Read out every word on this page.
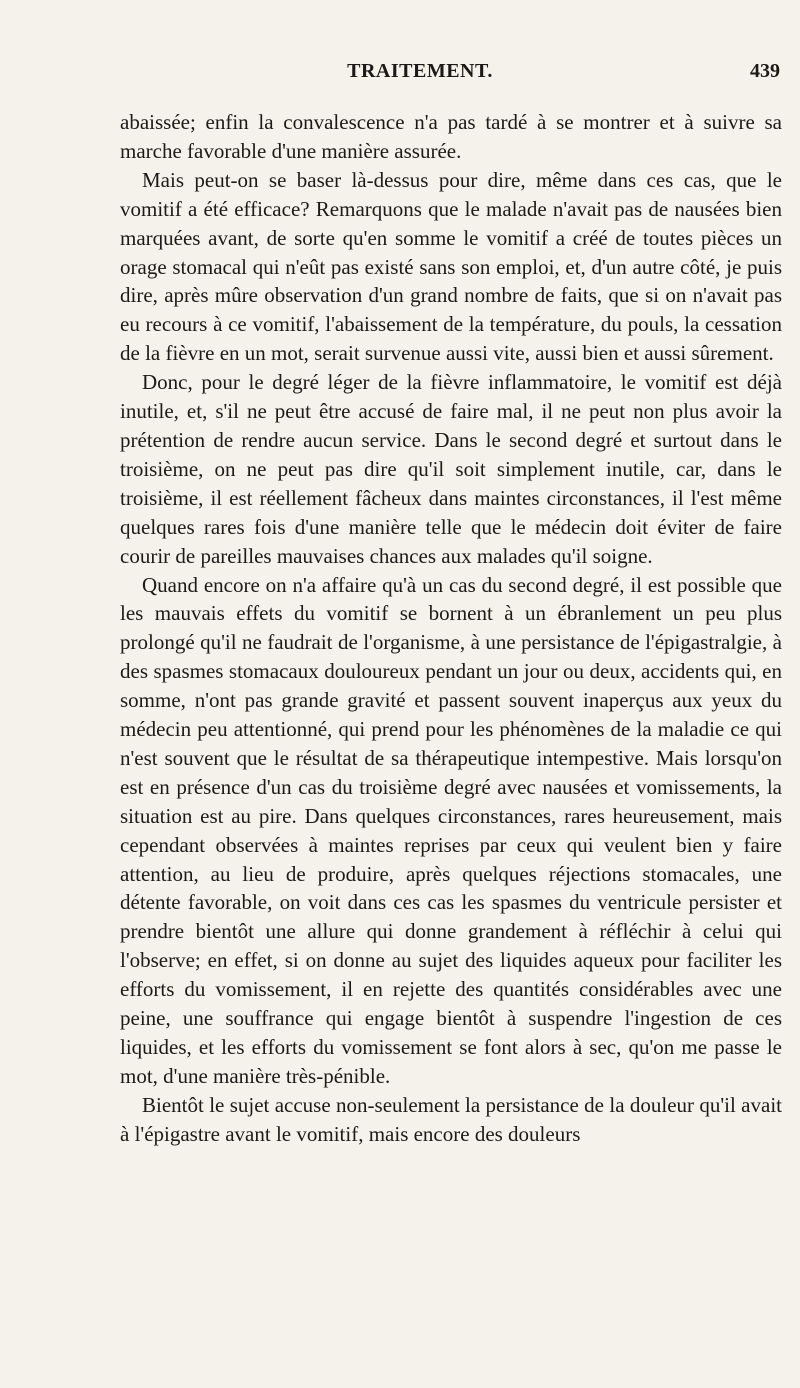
TRAITEMENT.	439

abaissée; enfin la convalescence n'a pas tardé à se montrer et à suivre sa marche favorable d'une manière assurée.

Mais peut-on se baser là-dessus pour dire, même dans ces cas, que le vomitif a été efficace? Remarquons que le malade n'avait pas de nausées bien marquées avant, de sorte qu'en somme le vomitif a créé de toutes pièces un orage stomacal qui n'eût pas existé sans son emploi, et, d'un autre côté, je puis dire, après mûre observation d'un grand nombre de faits, que si on n'avait pas eu recours à ce vomitif, l'abaissement de la température, du pouls, la cessation de la fièvre en un mot, serait survenue aussi vite, aussi bien et aussi sûrement.

Donc, pour le degré léger de la fièvre inflammatoire, le vomitif est déjà inutile, et, s'il ne peut être accusé de faire mal, il ne peut non plus avoir la prétention de rendre aucun service. Dans le second degré et surtout dans le troisième, on ne peut pas dire qu'il soit simplement inutile, car, dans le troisième, il est réellement fâcheux dans maintes circonstances, il l'est même quelques rares fois d'une manière telle que le médecin doit éviter de faire courir de pareilles mauvaises chances aux malades qu'il soigne.

Quand encore on n'a affaire qu'à un cas du second degré, il est possible que les mauvais effets du vomitif se bornent à un ébranlement un peu plus prolongé qu'il ne faudrait de l'organisme, à une persistance de l'épigastralgie, à des spasmes stomacaux douloureux pendant un jour ou deux, accidents qui, en somme, n'ont pas grande gravité et passent souvent inaperçus aux yeux du médecin peu attentionné, qui prend pour les phénomènes de la maladie ce qui n'est souvent que le résultat de sa thérapeutique intempestive. Mais lorsqu'on est en présence d'un cas du troisième degré avec nausées et vomissements, la situation est au pire. Dans quelques circonstances, rares heureusement, mais cependant observées à maintes reprises par ceux qui veulent bien y faire attention, au lieu de produire, après quelques réjections stomacales, une détente favorable, on voit dans ces cas les spasmes du ventricule persister et prendre bientôt une allure qui donne grandement à réfléchir à celui qui l'observe; en effet, si on donne au sujet des liquides aqueux pour faciliter les efforts du vomissement, il en rejette des quantités considérables avec une peine, une souffrance qui engage bientôt à suspendre l'ingestion de ces liquides, et les efforts du vomissement se font alors à sec, qu'on me passe le mot, d'une manière très-pénible.

Bientôt le sujet accuse non-seulement la persistance de la douleur qu'il avait à l'épigastre avant le vomitif, mais encore des douleurs
